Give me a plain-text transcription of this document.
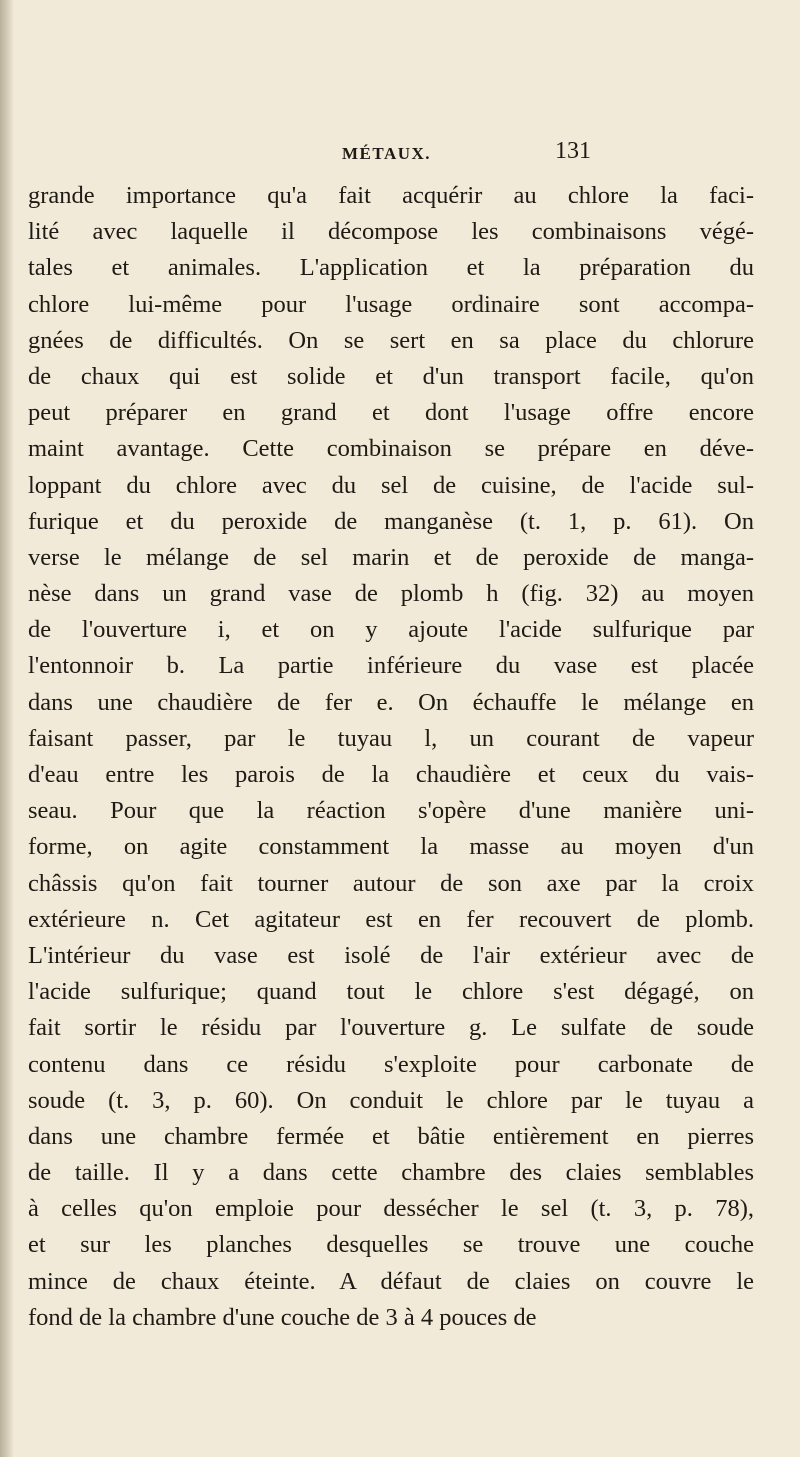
MÉTAUX.	131
grande importance qu'a fait acquérir au chlore la faci-
lité avec laquelle il décompose les combinaisons végé-
tales et animales. L'application et la préparation du
chlore lui-même pour l'usage ordinaire sont accompa-
gnées de difficultés. On se sert en sa place du chlorure
de chaux qui est solide et d'un transport facile, qu'on
peut préparer en grand et dont l'usage offre encore
maint avantage. Cette combinaison se prépare en déve-
loppant du chlore avec du sel de cuisine, de l'acide sul-
furique et du peroxide de manganèse (t. 1, p. 61). On
verse le mélange de sel marin et de peroxide de manga-
nèse dans un grand vase de plomb h (fig. 32) au moyen
de l'ouverture i, et on y ajoute l'acide sulfurique par
l'entonnoir b. La partie inférieure du vase est placée
dans une chaudière de fer e. On échauffe le mélange en
faisant passer, par le tuyau l, un courant de vapeur
d'eau entre les parois de la chaudière et ceux du vais-
seau. Pour que la réaction s'opère d'une manière uni-
forme, on agite constamment la masse au moyen d'un
châssis qu'on fait tourner autour de son axe par la croix
extérieure n. Cet agitateur est en fer recouvert de plomb.
L'intérieur du vase est isolé de l'air extérieur avec de
l'acide sulfurique; quand tout le chlore s'est dégagé, on
fait sortir le résidu par l'ouverture g. Le sulfate de soude
contenu dans ce résidu s'exploite pour carbonate de
soude (t. 3, p. 60). On conduit le chlore par le tuyau a
dans une chambre fermée et bâtie entièrement en pierres
de taille. Il y a dans cette chambre des claies semblables
à celles qu'on emploie pour dessécher le sel (t. 3, p. 78),
et sur les planches desquelles se trouve une couche
mince de chaux éteinte. A défaut de claies on couvre le
fond de la chambre d'une couche de 3 à 4 pouces de
